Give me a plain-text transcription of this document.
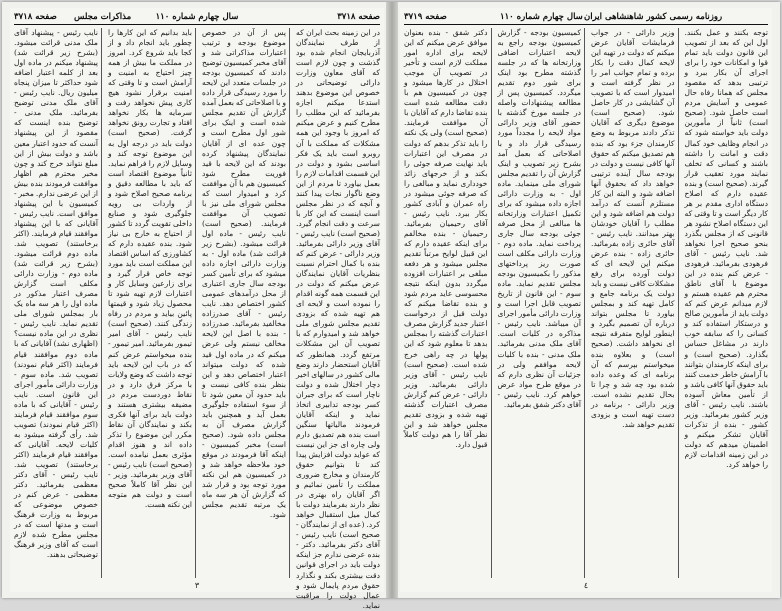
صفحه ٣٧١٨
سال چهارم شماره ۱۱۰
مذاکرات مجلس
صفحه ٣٧١٨
در این زمینه بحث ایران که از طرف نمایندگان آذربایجان انجام شده بود گذشت و چون لازم است که آقای معاون وزارت دارائی توضیحاتی در خصوص این موضوع بدهند استدعا میکنم اجازه بفرمائید که این مطلب را مطرح کنیم و عرض میکنم که امروز با وجود این همه مشکلات که مملکت با آن روبرو است باید یک فکر اساسی بشود و دولت در این قسمت اقدامات لازم را بعمل بیاورد تا مردم از این وضع ناگوار نجات پیدا کنند و آنچه که در نظر مجلس است اینست که این کار با سرعت و دقت انجام گیرد. (صحیح است) نایب رئیس - آقای وزیر دارائی بفرمائید. وزیر دارائی - عرض کنم که بنده با کمال احترام نسبت بنظریات آقایان نمایندگان عرض میکنم که دولت در این قسمت همه گونه اقدام را نموده است و لایحه ای هم تهیه شده که بزودی تقدیم مجلس شورای ملی خواهد شد و امیدوارم که با تصویب آن این مشکلات مرتفع گردد. همانطور که آقایان استحضار دارند وضع مالی کشور در سالهای اخیر دچار اختلال شده و دولت ناچار است که برای جبران کسر بودجه تدابیری اتخاذ نماید و اینکه آقایان فرمودند مالیاتها سنگین است بنده هم تصدیق دارم ولی چاره ای جز این نیست که عواید دولت افزایش پیدا کند تا بتوانیم حقوق کارمندان و مخارج ضروری مملکت را تأمین نمائیم و اگر آقایان راه بهتری در نظر دارند بفرمایند دولت با کمال میل استقبال خواهد کرد. (عده ای از نمایندگان - صحیح است) نایب رئیس - آقای دکتر بفرمائید. دکتر - بنده عرضی ندارم جز اینکه دولت باید در اجرای قوانین دقت بیشتری بکند و نگذارد حقوق مردم پایمال شود و عمال دولت را مراقبت نماید.
پس از آن در خصوص موضوع بودجه و ترتیب اعتبارات مذاکراتی شد و آقای مخبر کمیسیون توضیح دادند که کمیسیون بودجه در جلسات متعدد این لایحه را مورد رسیدگی قرار داده و با اصلاحاتی که بعمل آمده گزارش آن تقدیم مجلس شده است و اینک برای شور اول مطرح است و چون عده ای از آقایان نمایندگان پیشنهاد کرده بودند که این لایحه با قید فوریت مطرح شود کمیسیون هم با آن موافقت کرد و امیدوار است که مجلس شورای ملی نیز با تصویب آن موافقت فرمایند. (صحیح است) نایب رئیس - ماده اول قرائت میشود. (بشرح زیر قرائت شد) ماده اول - به وزارت دارائی اجازه داده میشود که برای تأمین کسر بودجه سال جاری اعتباری از محل درآمدهای عمومی کشور اختصاص دهد. نایب رئیس - آقای صدرزاده مخالفید بفرمائید. صدرزاده - بنده با اصل این لایحه مخالف نیستم ولی عرض میکنم که در ماده اول قید شده که دولت میتواند اعتبار اختصاص دهد و این بنظر بنده کافی نیست و باید حدود آن معین شود تا از سوء استفاده جلوگیری بعمل آید و همچنین باید گزارش مصرف آن به مجلس داده شود. (صحیح است) مخبر کمیسیون - اینکه آقا فرمودند در موقع خود ملاحظه خواهد شد و در کمیسیون هم این نکته مورد توجه بود و قرار شد که گزارش آن هر سه ماه یک مرتبه تقدیم مجلس شود.
باید بدانیم که این کارها را چطور باید انجام داد و از کجا باید شروع کرد. امروز در مملکت ما بیش از همه چیز احتیاج به امنیت و آرامش است و تا وقتی که امنیت برقرار نشود هیچ کاری پیش نخواهد رفت و سرمایه ها بکار نخواهد افتاد و تجارت رونق نخواهد گرفت. (صحیح است) دولت باید در درجه اول به این موضوع توجه کند و وسایل لازم را فراهم نماید. ثانیاً موضوع اقتصاد است که باید با مطالعه دقیق و برنامه صحیح اصلاح شود و از واردات بی رویه جلوگیری شود و صنایع داخلی تقویت گردد تا کشور از احتیاج به خارج بی نیاز شود. بنده عقیده دارم که کشاورزی که اساس اقتصاد این مملکت است باید مورد توجه خاص قرار گیرد و برای زارعین وسایل کار و اعتبارات لازم تهیه شود تا محصول زیاد شود و قیمتها پائین بیاید و مردم در رفاه زندگی کنند. (صحیح است) نایب رئیس - آقای امیر تیمور بفرمائید. امیر تیمور - بنده میخواستم عرض کنم که در باب این لایحه باید توجه داشت که وضع ولایات با مرکز فرق دارد و در نقاط دوردست مردم در مضیقه بیشتری هستند و دولت باید برای آنها فکری بکند و نمایندگان آن نقاط مکرر این موضوع را تذکر داده اند و هنوز اقدام مؤثری بعمل نیامده است. (صحیح است) نایب رئیس - آقای وزیر بفرمائید. وزیر - این نظر آقا کاملاً صحیح است و دولت هم متوجه این نکته هست.
نایب رئیس - پیشنهاد آقای ملک مدنی قرائت میشود. (بشرح زیر قرائت شد) پیشنهاد میکنم در ماده اول بعد از کلمه اعتبار اضافه شود حداکثر تا میزان پنجاه میلیون ریال. نایب رئیس - آقای ملک مدنی توضیح بفرمائید. ملک مدنی - توضیح بنده اینست که مقصود از این پیشنهاد آنست که حدود اعتبار معین باشد و دولت بیش از این مبلغ نتواند خرج کند و چون مخبر محترم هم اظهار موافقت فرمودند بنده بیش از این عرضی ندارم. مخبر - کمیسیون با این پیشنهاد موافق است. نایب رئیس - آقایانی که با این پیشنهاد موافقند قیام فرمایند. (اکثر برخاستند) تصویب شد. ماده دوم قرائت میشود. (بشرح زیر قرائت شد) ماده دوم - وزارت دارائی مکلف است گزارش مصرف اعتبار مذکور در ماده اول را هر سه ماه یک بار بمجلس شورای ملی تقدیم نماید. نایب رئیس - نظری در این ماده نیست؟ (اظهاری نشد) آقایانی که با ماده دوم موافقند قیام فرمایند (اکثر قیام نمودند) تصویب شد. ماده سوم - وزارت دارائی مأمور اجرای این قانون است. نایب رئیس - آقایانی که با ماده سوم موافقند قیام فرمایند (اکثر قیام نمودند) تصویب شد. رأی گرفته میشود به کلیات لایحه. آقایانی که موافقند قیام فرمایند (اکثر برخاستند) تصویب شد. نایب رئیس - آقای دکتر معظمی بفرمائید. دکتر معظمی - عرض کنم در خصوص موضوعی که مربوط به وزارت فرهنگ است و مدتها است که در مجلس مطرح شده لازم است که آقای وزیر فرهنگ توضیحاتی بدهند.
٣
سال چهارم شماره ۱۱۰ روزنامه رسمی کشور شاهنشاهی ایران
صفحه ٣٧١٩
توجه بکنند و عمل بکنند. اول این که بعد از تصویب این قانون دولت باید تمام قوا و امکانات خود را برای اجرای آن بکار ببرد و ترتیبی بدهد که مقصود مجلس که همانا رفاه حال عمومی و آسایش مردم است حاصل شود. (صحیح است) ثانیاً از مأمورین دولت باید خواسته شود که در انجام وظایف خود کمال دقت و امانت را داشته باشند و کسانی که تخلف نمایند مورد تعقیب قرار گیرند. (صحیح است) و بنده عقیده دارم که اصلاح دستگاه اداری مقدم بر هر کار دیگر است و تا وقتی که این دستگاه اصلاح نشود هر قانونی که از مجلس بگذرد بنحو صحیح اجرا نخواهد شد. نایب رئیس - آقای فرهودی بفرمائید. فرهودی - عرض کنم بنده در این موضوع با آقای ناطق محترم هم عقیده هستم و لازم میدانم عرض کنم که دولت باید از مأمورین صالح و درستکار استفاده کند و کسانی را که سابقه خوب دارند در مشاغل حساس بگذارد. (صحیح است) و برای اینکه کارمندان بتوانند با آرامش خاطر خدمت کنند باید حقوق آنها کافی باشد و از تأمین معاش آسوده باشند. نایب رئیس - آقای وزیر کشور بفرمائید. وزیر کشور - بنده از تذکرات آقایان تشکر میکنم و اطمینان میدهم که دولت در این زمینه اقدامات لازم را خواهد کرد.
وزیر دارائی - در جواب فرمایشات آقایان عرض میکنم که دولت در تهیه این لایحه کمال دقت را بکار برده و تمام جوانب امر را در نظر گرفته است و امیدوار است که با تصویب آن گشایشی در کار حاصل شود. (صحیح است) موضوع دیگری که آقایان تذکر دادند مربوط به وضع کارمندان جزء بود که بنده هم تصدیق میکنم که حقوق آنها کافی نیست و دولت در بودجه سال آینده ترتیبی خواهد داد که بحقوق آنها اضافه شود و البته این کار مستلزم آنست که درآمد دولت هم اضافه شود و این مطلب را آقایان خودشان بهتر میدانند. نایب رئیس - آقای حائری زاده بفرمائید. حائری زاده - بنده عرض میکنم این لایحه ای که دولت آورده برای رفع مشکلات کافی نیست و باید دولت یک برنامه جامع و کامل تهیه کند و بمجلس بیاورد تا مجلس بتواند درباره آن تصمیم بگیرد و اینطور لوایح متفرقه نتیجه ای نخواهد داشت. (صحیح است) و بعلاوه بنده میخواستم بپرسم که آن برنامه ای که وعده داده شده بود چه شد و چرا تا بحال تقدیم نشده است. وزیر دارائی - برنامه در دست تهیه است و بزودی تقدیم خواهد شد.
کمیسیون بودجه - گزارش کمیسیون بودجه راجع به لایحه اعتبارات اضافی وزارتخانه ها که در جلسه گذشته مطرح بود اینک برای شور دوم تقدیم میگردد. کمیسیون پس از مطالعه پیشنهادات واصله در جلسه مورخ گذشته با حضور آقای وزیر دارائی مواد لایحه را مجدداً مورد رسیدگی قرار داد و با اصلاحاتی که بعمل آمد بشرح زیر تصویب و اینک گزارش آن را تقدیم مجلس شورای ملی مینماید. ماده اول - به وزارت دارائی اجازه داده میشود که برای تکمیل اعتبارات وزارتخانه ها مبالغی از محل صرفه جوئی بودجه سال جاری پرداخت نماید. ماده دوم - وزارت دارائی مکلف است صورت ریز پرداختهای مذکور را بکمیسیون بودجه مجلس تقدیم نماید. ماده سوم - این قانون از تاریخ تصویب قابل اجرا است و وزارت دارائی مأمور اجرای آن میباشد. نایب رئیس - مذاکره در کلیات است. آقای ملک مدنی بفرمائید. ملک مدنی - بنده با کلیات لایحه موافقم ولی در جزئیات آن نظری دارم که در موقع طرح مواد عرض خواهم کرد. نایب رئیس - آقای دکتر شفق بفرمائید.
دکتر شفق - بنده بعنوان موافق عرض میکنم که این لایحه برای اداره امور مملکت لازم است و تأخیر در تصویب آن موجب اختلال در کارها میشود و چون در کمیسیون هم با دقت مطالعه شده است بنده تقاضا دارم که آقایان با آن موافقت فرمایند. (صحیح است) ولی یک نکته را باید تذکر بدهم که دولت در مصرف این اعتبارات باید نهایت صرفه جوئی را بکند و از خرجهای زائد خودداری نماید و مبالغی را که صرفه جوئی میشود در راه عمران و آبادی کشور بکار ببرد. نایب رئیس - آقای رحیمیان بفرمائید. رحیمیان - بنده مخالفم برای اینکه عقیده دارم که این قبیل لوایح مرتباً تقدیم مجلس میشود و هر دفعه مبلغی بر اعتبارات افزوده میگردد بدون اینکه نتیجه محسوسی عاید مردم شود و بنده تقاضا میکنم که دولت قبل از درخواست اعتبار جدید گزارش مصرف اعتبارات گذشته را بمجلس بدهد تا معلوم شود که این پولها در چه راهی خرج شده است. (صحیح است) نایب رئیس - آقای وزیر دارائی بفرمائید. وزیر دارائی - عرض کنم گزارش مصرف اعتبارات گذشته تهیه شده و بزودی تقدیم مجلس خواهد شد و این نظر آقا را هم دولت کاملاً قبول دارد.
٤
